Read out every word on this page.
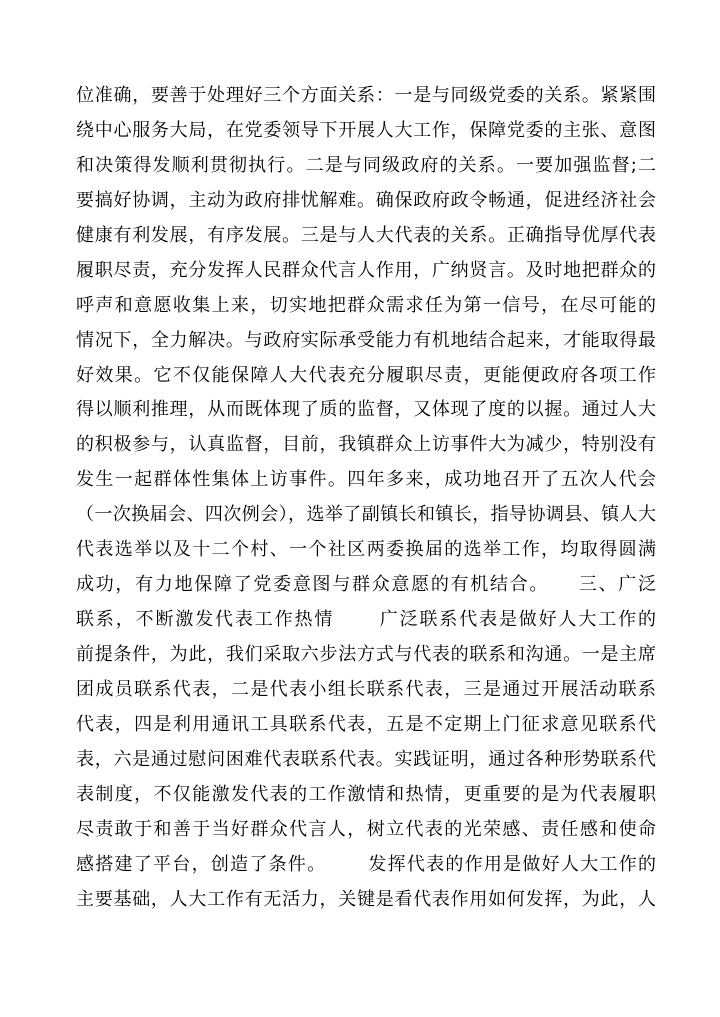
位准确，要善于处理好三个方面关系：一是与同级党委的关系。紧紧围
绕中心服务大局，在党委领导下开展人大工作，保障党委的主张、意图
和决策得发顺利贯彻执行。二是与同级政府的关系。一要加强监督;二
要搞好协调，主动为政府排忧解难。确保政府政令畅通，促进经济社会
健康有利发展，有序发展。三是与人大代表的关系。正确指导优厚代表
履职尽责，充分发挥人民群众代言人作用，广纳贤言。及时地把群众的
呼声和意愿收集上来，切实地把群众需求任为第一信号，在尽可能的
情况下，全力解决。与政府实际承受能力有机地结合起来，才能取得最
好效果。它不仅能保障人大代表充分履职尽责，更能便政府各项工作
得以顺利推理，从而既体现了质的监督，又体现了度的以握。通过人大
的积极参与，认真监督，目前，我镇群众上访事件大为减少，特别没有
发生一起群体性集体上访事件。四年多来，成功地召开了五次人代会
（一次换届会、四次例会），选举了副镇长和镇长，指导协调县、镇人大
代表选举以及十二个村、一个社区两委换届的选举工作，均取得圆满
成功，有力地保障了党委意图与群众意愿的有机结合。    三、广泛
联系，不断激发代表工作热情      广泛联系代表是做好人大工作的
前提条件，为此，我们采取六步法方式与代表的联系和沟通。一是主席
团成员联系代表，二是代表小组长联系代表，三是通过开展活动联系
代表，四是利用通讯工具联系代表，五是不定期上门征求意见联系代
表，六是通过慰问困难代表联系代表。实践证明，通过各种形势联系代
表制度，不仅能激发代表的工作激情和热情，更重要的是为代表履职
尽责敢于和善于当好群众代言人，树立代表的光荣感、责任感和使命
感搭建了平台，创造了条件。      发挥代表的作用是做好人大工作的
主要基础，人大工作有无活力，关键是看代表作用如何发挥，为此，人
